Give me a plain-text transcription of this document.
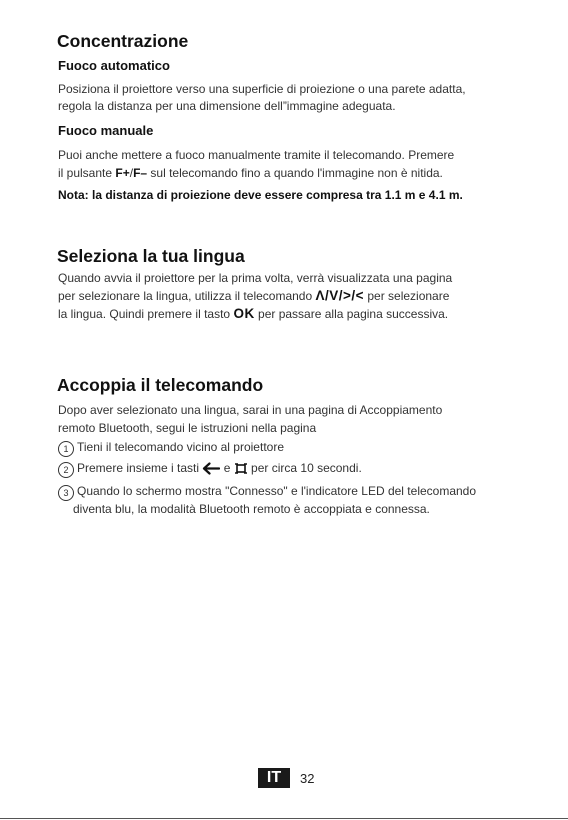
Concentrazione
Fuoco automatico
Posiziona il proiettore verso una superficie di proiezione o una parete adatta,
regola la distanza per una dimensione dell”immagine adeguata.
Fuoco manuale
Puoi anche mettere a fuoco manualmente tramite il telecomando. Premere
il pulsante F+/F– sul telecomando fino a quando l'immagine non è nitida.
Nota: la distanza di proiezione deve essere compresa tra 1.1 m e 4.1 m.
Seleziona la tua lingua
Quando avvia il proiettore per la prima volta, verrà visualizzata una pagina
per selezionare la lingua, utilizza il telecomando Λ/V/>/< per selezionare
la lingua. Quindi premere il tasto OK per passare alla pagina successiva.
Accoppia il telecomando
Dopo aver selezionato una lingua, sarai in una pagina di Accoppiamento
remoto Bluetooth, segui le istruzioni nella pagina
1 Tieni il telecomando vicino al proiettore
2 Premere insieme i tasti  e  per circa 10 secondi.
3 Quando lo schermo mostra "Connesso" e l'indicatore LED del telecomando
diventa blu, la modalità Bluetooth remoto è accoppiata e connessa.
IT	32
